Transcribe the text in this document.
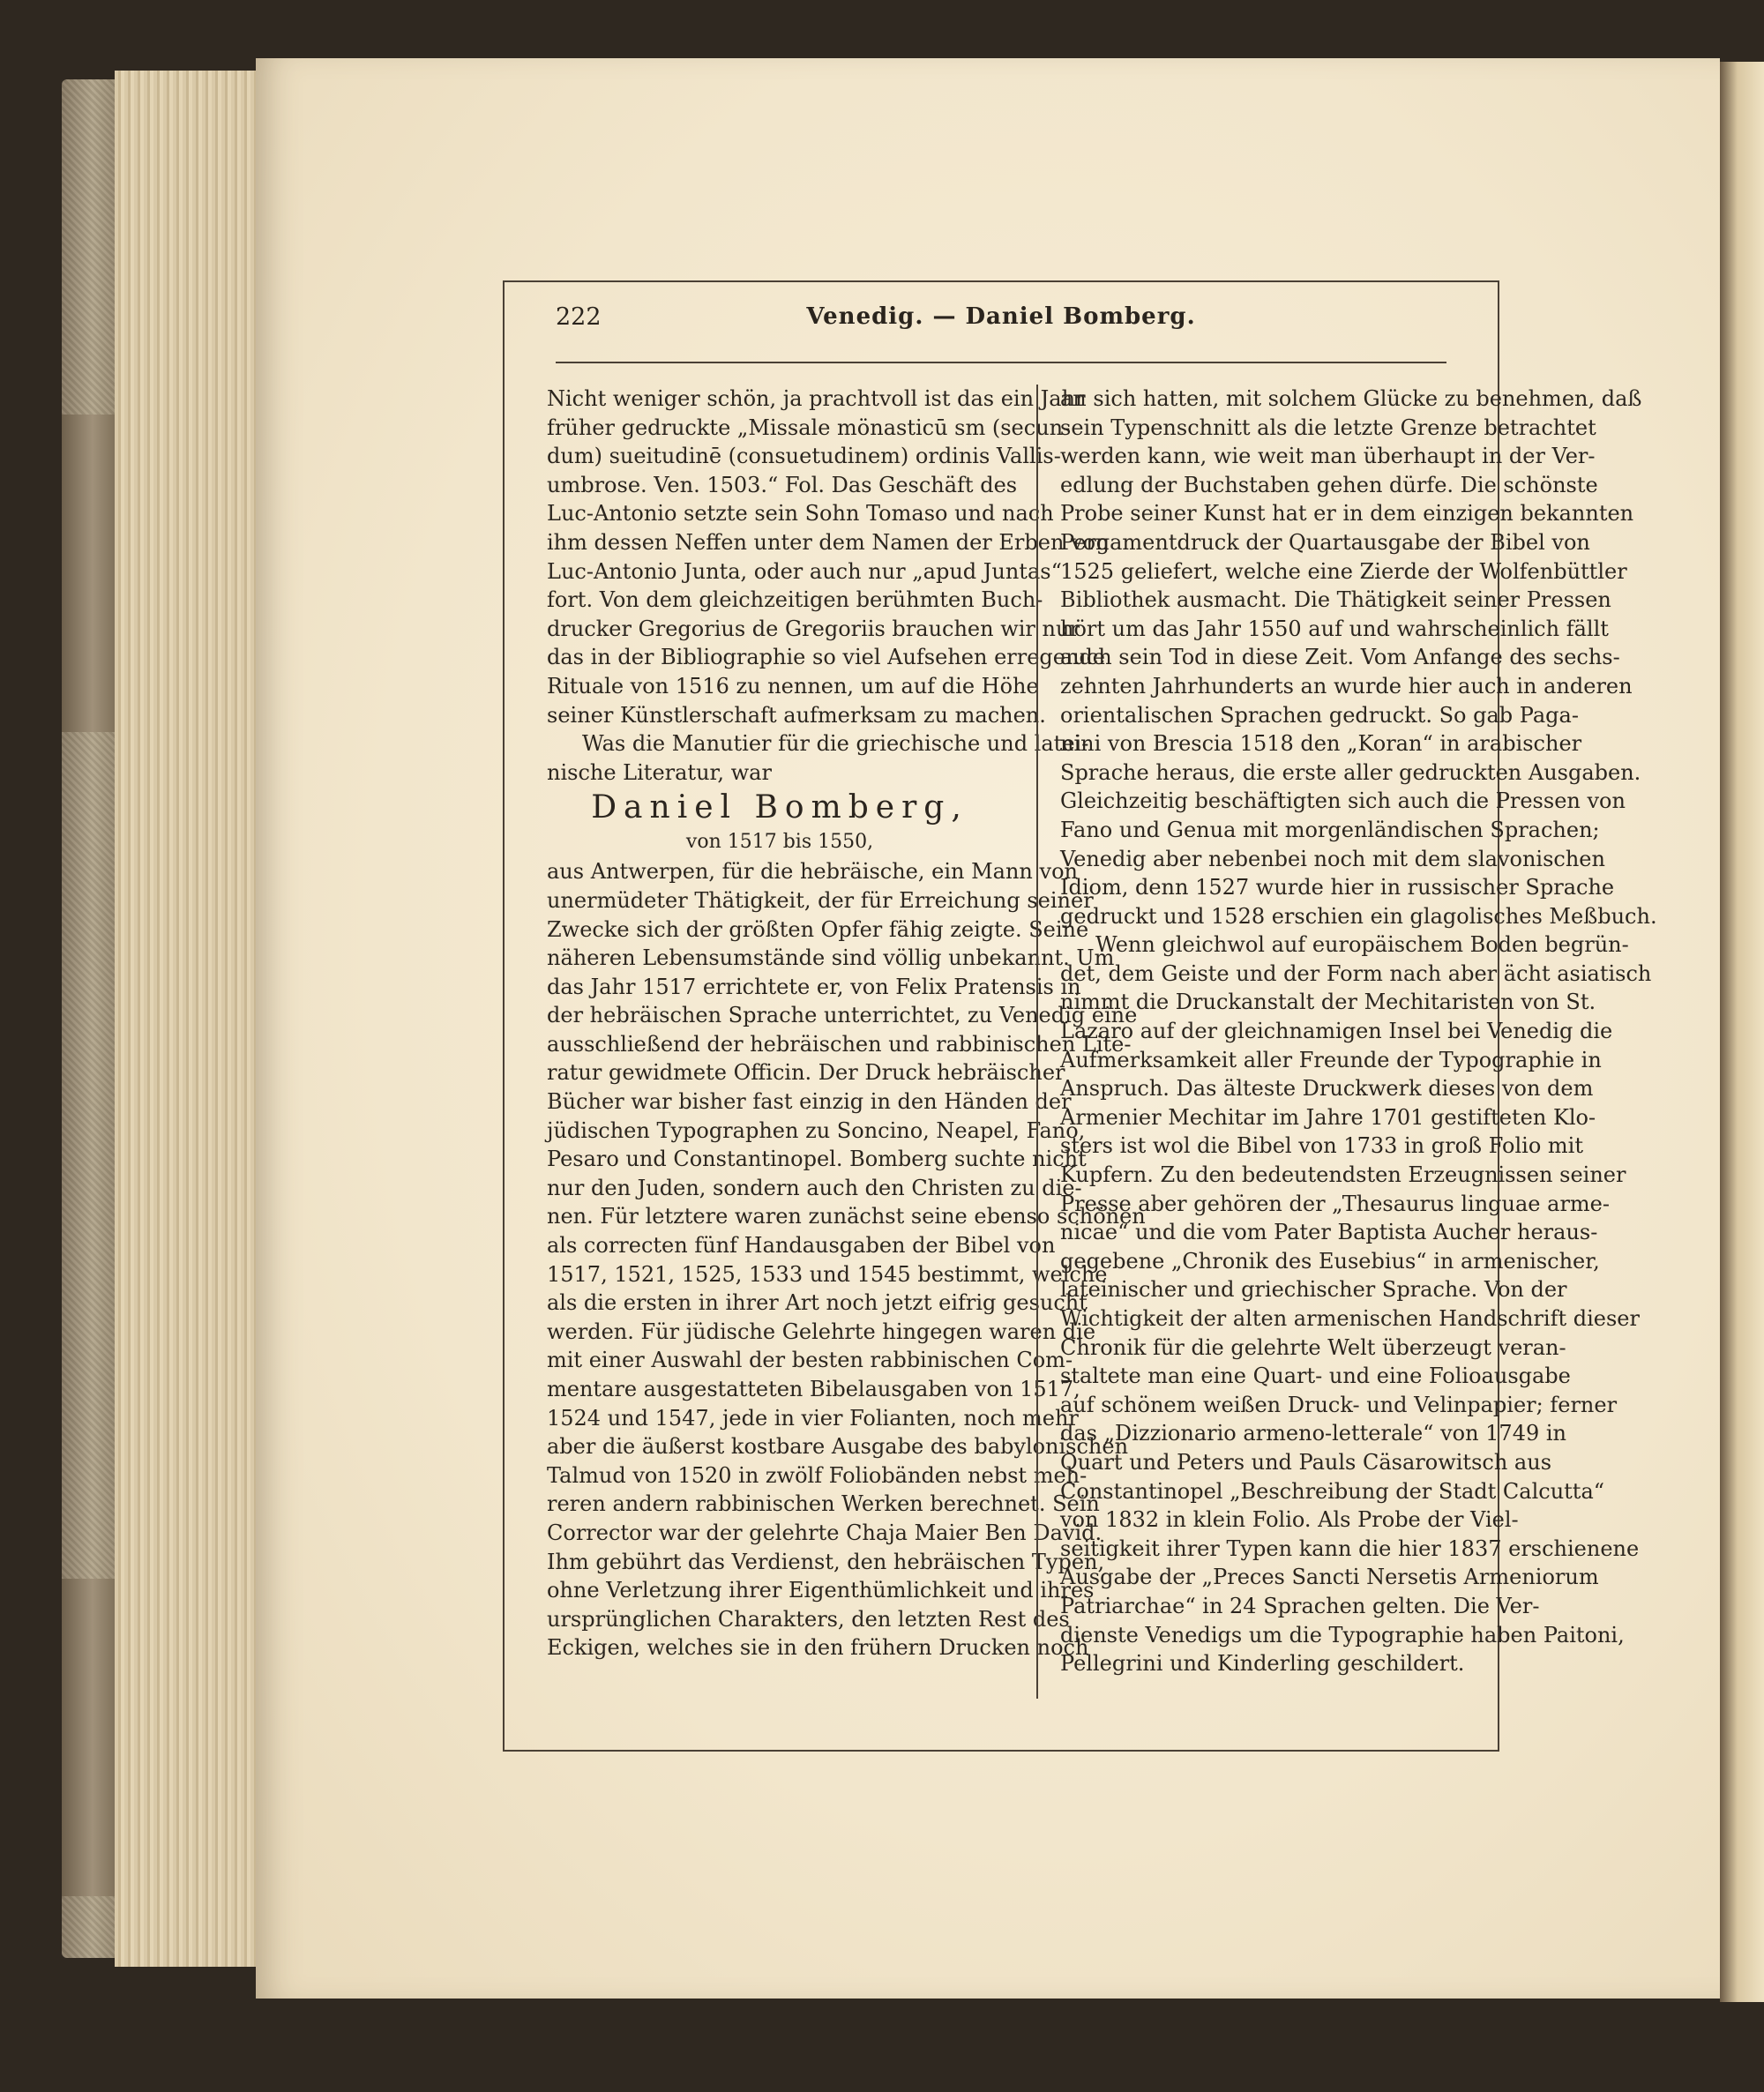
222	Venedig. — Daniel Bomberg.
Nicht weniger schön, ja prachtvoll ist das ein Jahr
früher gedruckte „Missale mönasticū sm (secun-
dum) sueitudinē (consuetudinem) ordinis Vallis-
umbrose. Ven. 1503.“ Fol. Das Geschäft des
Luc-Antonio setzte sein Sohn Tomaso und nach
ihm dessen Neffen unter dem Namen der Erben von
Luc-Antonio Junta, oder auch nur „apud Juntas“
fort. Von dem gleichzeitigen berühmten Buch-
drucker Gregorius de Gregoriis brauchen wir nur
das in der Bibliographie so viel Aufsehen erregende
Rituale von 1516 zu nennen, um auf die Höhe
seiner Künstlerschaft aufmerksam zu machen.
Was die Manutier für die griechische und latei-
nische Literatur, war
Daniel Bomberg,
von 1517 bis 1550,
aus Antwerpen, für die hebräische, ein Mann von
unermüdeter Thätigkeit, der für Erreichung seiner
Zwecke sich der größten Opfer fähig zeigte. Seine
näheren Lebensumstände sind völlig unbekannt. Um
das Jahr 1517 errichtete er, von Felix Pratensis in
der hebräischen Sprache unterrichtet, zu Venedig eine
ausschließend der hebräischen und rabbinischen Lite-
ratur gewidmete Officin. Der Druck hebräischer
Bücher war bisher fast einzig in den Händen der
jüdischen Typographen zu Soncino, Neapel, Fano,
Pesaro und Constantinopel. Bomberg suchte nicht
nur den Juden, sondern auch den Christen zu die-
nen. Für letztere waren zunächst seine ebenso schönen
als correcten fünf Handausgaben der Bibel von
1517, 1521, 1525, 1533 und 1545 bestimmt, welche
als die ersten in ihrer Art noch jetzt eifrig gesucht
werden. Für jüdische Gelehrte hingegen waren die
mit einer Auswahl der besten rabbinischen Com-
mentare ausgestatteten Bibelausgaben von 1517,
1524 und 1547, jede in vier Folianten, noch mehr
aber die äußerst kostbare Ausgabe des babylonischen
Talmud von 1520 in zwölf Foliobänden nebst meh-
reren andern rabbinischen Werken berechnet. Sein
Corrector war der gelehrte Chaja Maier Ben David.
Ihm gebührt das Verdienst, den hebräischen Typen,
ohne Verletzung ihrer Eigenthümlichkeit und ihres
ursprünglichen Charakters, den letzten Rest des
Eckigen, welches sie in den frühern Drucken noch
an sich hatten, mit solchem Glücke zu benehmen, daß
sein Typenschnitt als die letzte Grenze betrachtet
werden kann, wie weit man überhaupt in der Ver-
edlung der Buchstaben gehen dürfe. Die schönste
Probe seiner Kunst hat er in dem einzigen bekannten
Pergamentdruck der Quartausgabe der Bibel von
1525 geliefert, welche eine Zierde der Wolfenbüttler
Bibliothek ausmacht. Die Thätigkeit seiner Pressen
hört um das Jahr 1550 auf und wahrscheinlich fällt
auch sein Tod in diese Zeit. Vom Anfange des sechs-
zehnten Jahrhunderts an wurde hier auch in anderen
orientalischen Sprachen gedruckt. So gab Paga-
nini von Brescia 1518 den „Koran“ in arabischer
Sprache heraus, die erste aller gedruckten Ausgaben.
Gleichzeitig beschäftigten sich auch die Pressen von
Fano und Genua mit morgenländischen Sprachen;
Venedig aber nebenbei noch mit dem slavonischen
Idiom, denn 1527 wurde hier in russischer Sprache
gedruckt und 1528 erschien ein glagolisches Meßbuch.
Wenn gleichwol auf europäischem Boden begrün-
det, dem Geiste und der Form nach aber ächt asiatisch
nimmt die Druckanstalt der Mechitaristen von St.
Lazaro auf der gleichnamigen Insel bei Venedig die
Aufmerksamkeit aller Freunde der Typographie in
Anspruch. Das älteste Druckwerk dieses von dem
Armenier Mechitar im Jahre 1701 gestifteten Klo-
sters ist wol die Bibel von 1733 in groß Folio mit
Kupfern. Zu den bedeutendsten Erzeugnissen seiner
Presse aber gehören der „Thesaurus linguae arme-
nicae“ und die vom Pater Baptista Aucher heraus-
gegebene „Chronik des Eusebius“ in armenischer,
lateinischer und griechischer Sprache. Von der
Wichtigkeit der alten armenischen Handschrift dieser
Chronik für die gelehrte Welt überzeugt veran-
staltete man eine Quart- und eine Folioausgabe
auf schönem weißen Druck- und Velinpapier; ferner
das „Dizzionario armeno-letterale“ von 1749 in
Quart und Peters und Pauls Cäsarowitsch aus
Constantinopel „Beschreibung der Stadt Calcutta“
von 1832 in klein Folio. Als Probe der Viel-
seitigkeit ihrer Typen kann die hier 1837 erschienene
Ausgabe der „Preces Sancti Nersetis Armeniorum
Patriarchae“ in 24 Sprachen gelten. Die Ver-
dienste Venedigs um die Typographie haben Paitoni,
Pellegrini und Kinderling geschildert.
